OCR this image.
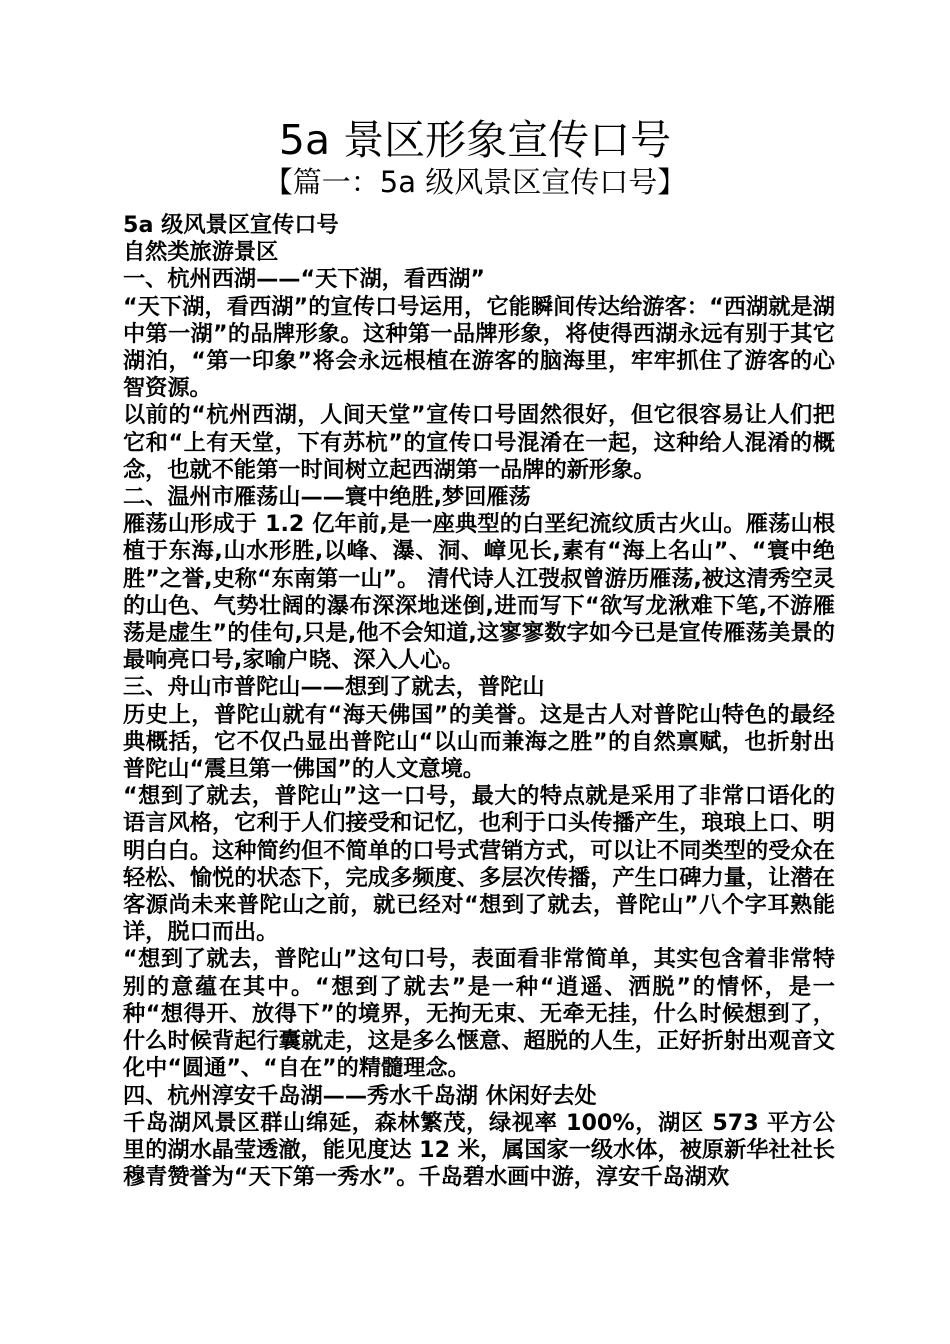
5a 景区形象宣传口号
【篇一：5a 级风景区宣传口号】

5a 级风景区宣传口号

自然类旅游景区

一、杭州西湖——“天下湖，看西湖”

“天下湖，看西湖”的宣传口号运用，它能瞬间传达给游客：“西湖就是湖中第一湖”的品牌形象。这种第一品牌形象，将使得西湖永远有别于其它湖泊，“第一印象”将会永远根植在游客的脑海里，牢牢抓住了游客的心智资源。

以前的“杭州西湖，人间天堂”宣传口号固然很好，但它很容易让人们把它和“上有天堂，下有苏杭”的宣传口号混淆在一起，这种给人混淆的概念，也就不能第一时间树立起西湖第一品牌的新形象。

二、温州市雁荡山——寰中绝胜,梦回雁荡

雁荡山形成于 1.2 亿年前,是一座典型的白垩纪流纹质古火山。雁荡山根植于东海,山水形胜,以峰、瀑、洞、嶂见长,素有“海上名山”、“寰中绝胜”之誉,史称“东南第一山”。 清代诗人江弢叔曾游历雁荡,被这清秀空灵的山色、气势壮阔的瀑布深深地迷倒,进而写下“欲写龙湫难下笔,不游雁荡是虚生”的佳句,只是,他不会知道,这寥寥数字如今已是宣传雁荡美景的最响亮口号,家喻户晓、深入人心。

三、舟山市普陀山——想到了就去，普陀山

历史上，普陀山就有“海天佛国”的美誉。这是古人对普陀山特色的最经典概括，它不仅凸显出普陀山“以山而兼海之胜”的自然禀赋，也折射出普陀山“震旦第一佛国”的人文意境。

“想到了就去，普陀山”这一口号，最大的特点就是采用了非常口语化的语言风格，它利于人们接受和记忆，也利于口头传播产生，琅琅上口、明明白白。这种简约但不简单的口号式营销方式，可以让不同类型的受众在轻松、愉悦的状态下，完成多频度、多层次传播，产生口碑力量，让潜在客源尚未来普陀山之前，就已经对“想到了就去，普陀山”八个字耳熟能详，脱口而出。

“想到了就去，普陀山”这句口号，表面看非常简单，其实包含着非常特别的意蕴在其中。“想到了就去”是一种“逍遥、洒脱”的情怀，是一种“想得开、放得下”的境界，无拘无束、无牵无挂，什么时候想到了，什么时候背起行囊就走，这是多么惬意、超脱的人生，正好折射出观音文化中“圆通”、“自在”的精髓理念。

四、杭州淳安千岛湖——秀水千岛湖 休闲好去处

千岛湖风景区群山绵延，森林繁茂，绿视率 100%，湖区 573 平方公里的湖水晶莹透澈，能见度达 12 米，属国家一级水体，被原新华社社长穆青赞誉为“天下第一秀水”。千岛碧水画中游，淳安千岛湖欢
